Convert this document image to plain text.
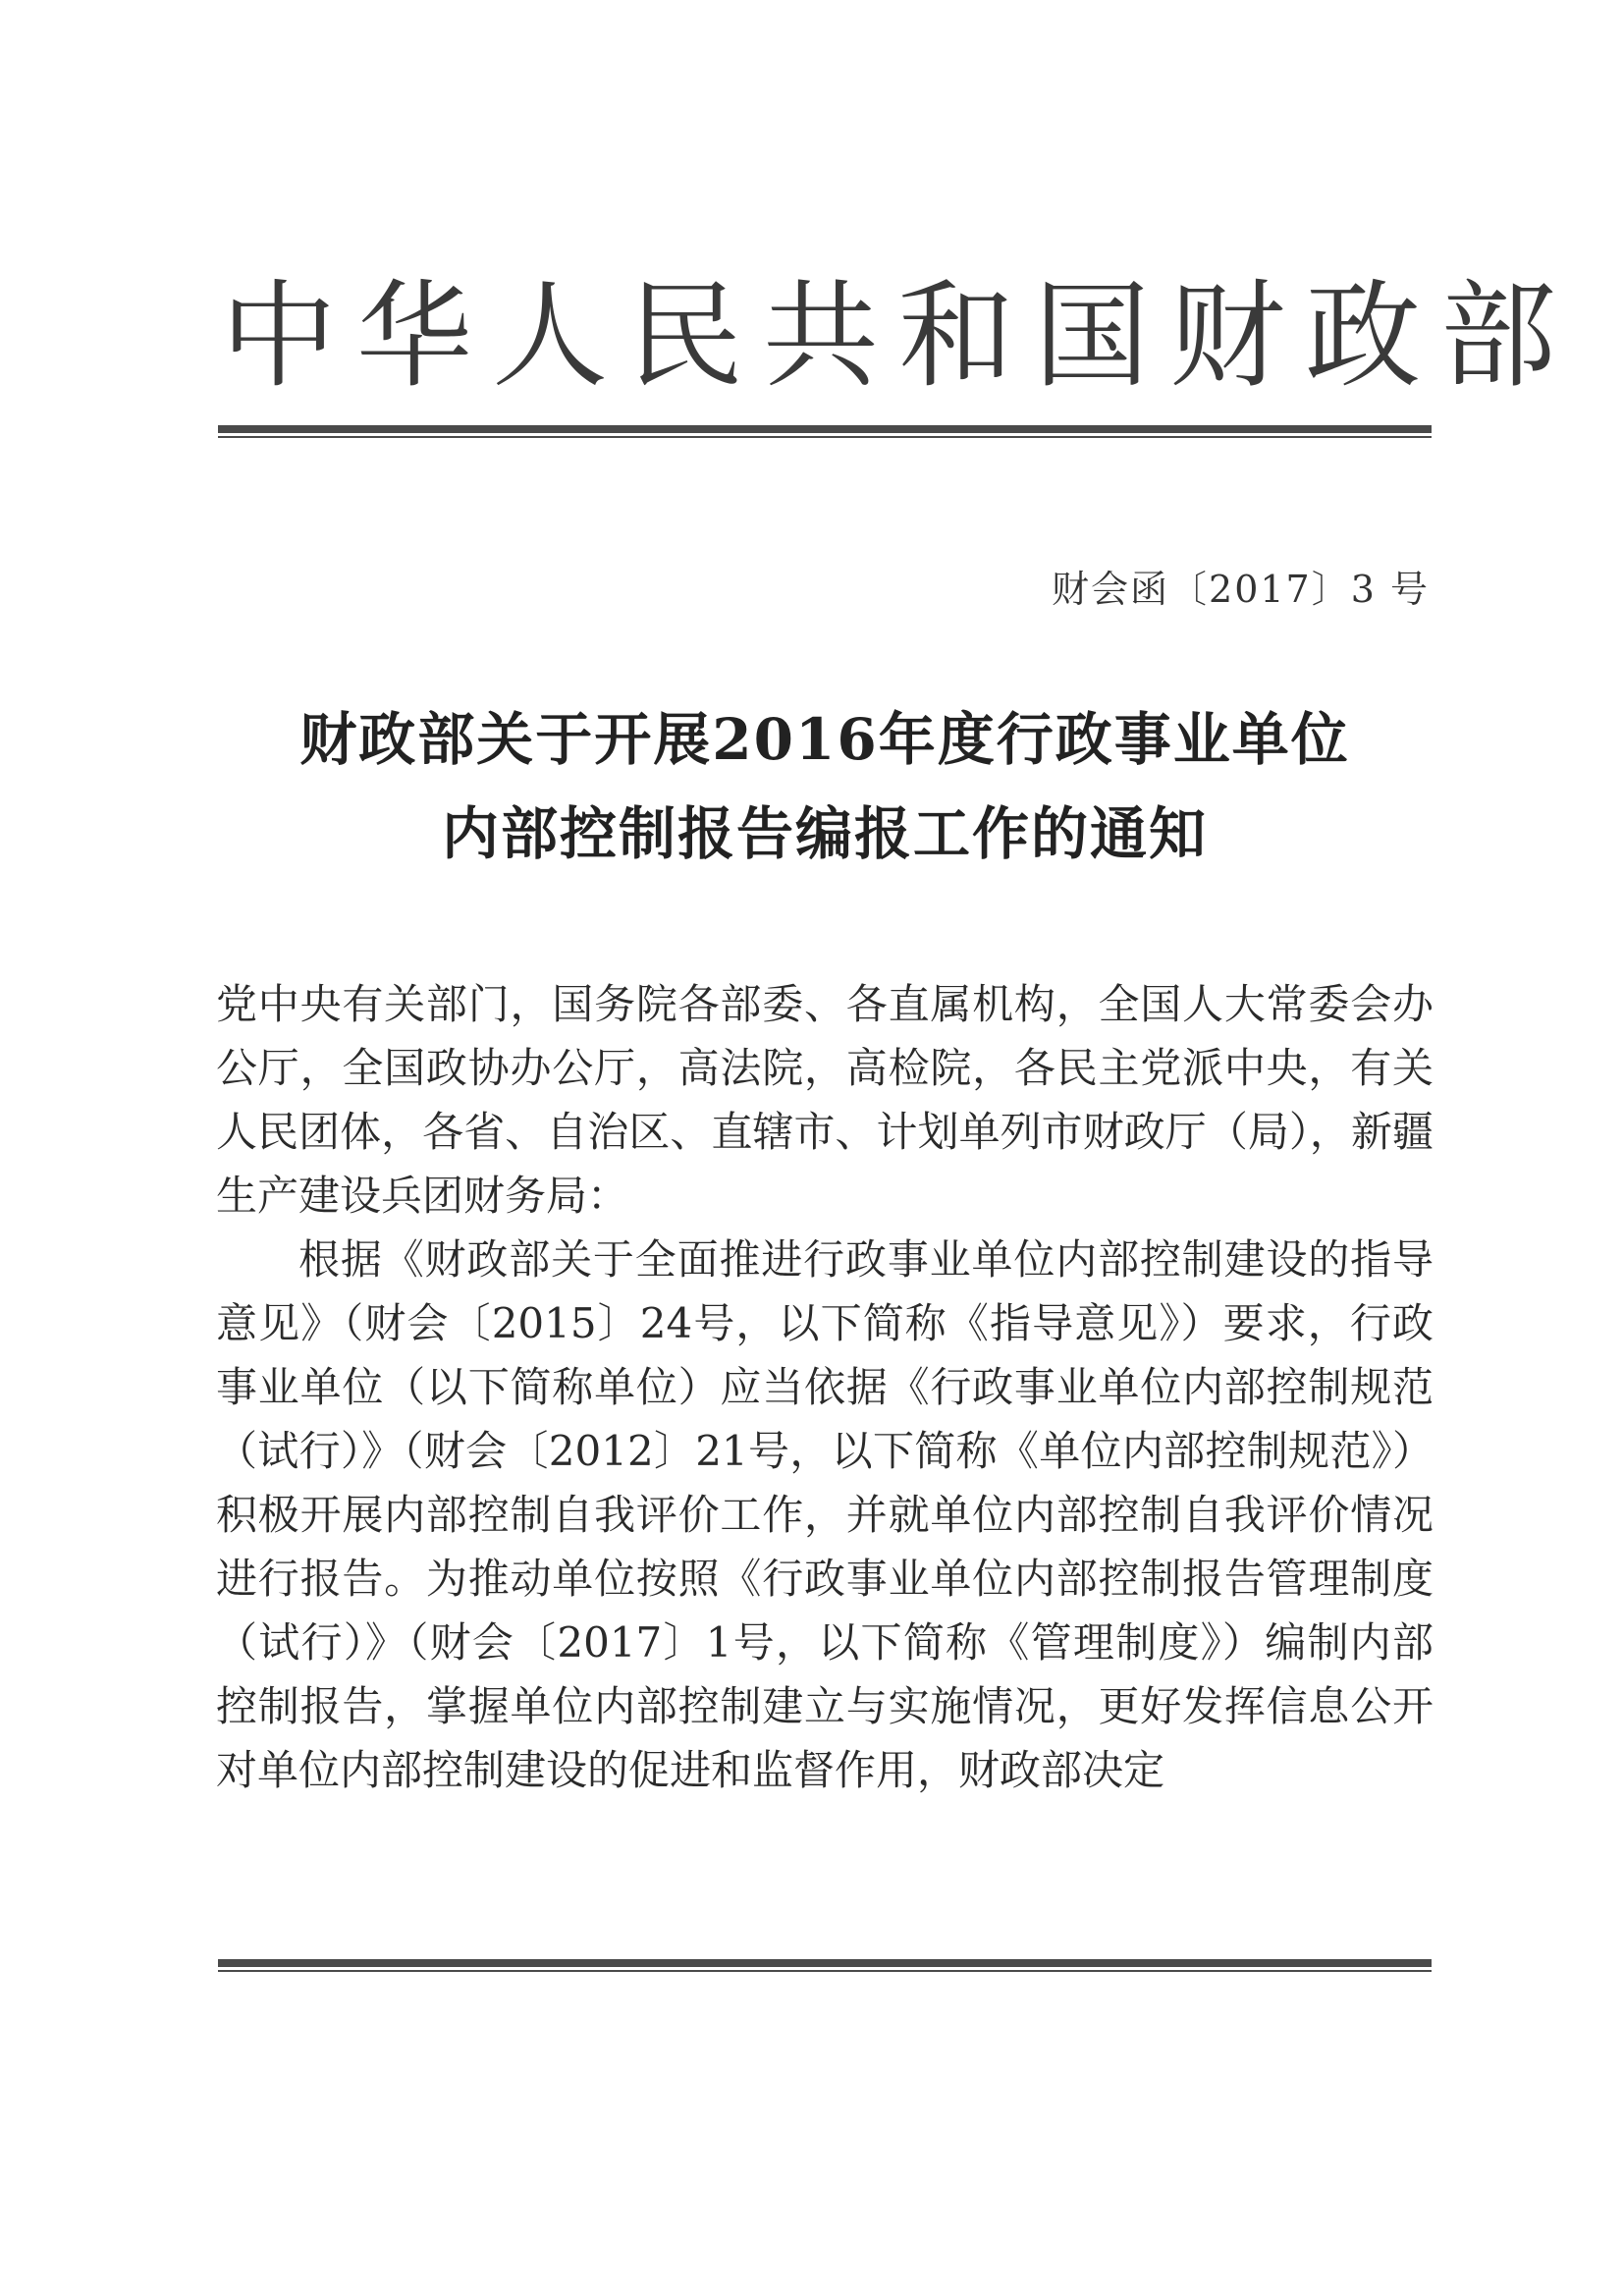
中华人民共和国财政部
财会函〔2017〕3 号
财政部关于开展2016年度行政事业单位
内部控制报告编报工作的通知

党中央有关部门，国务院各部委、各直属机构，全国人大常委会办公厅，全国政协办公厅，高法院，高检院，各民主党派中央，有关人民团体，各省、自治区、直辖市、计划单列市财政厅（局），新疆生产建设兵团财务局：

根据《财政部关于全面推进行政事业单位内部控制建设的指导意见》（财会〔2015〕24号，以下简称《指导意见》）要求，行政事业单位（以下简称单位）应当依据《行政事业单位内部控制规范（试行）》（财会〔2012〕21号，以下简称《单位内部控制规范》）积极开展内部控制自我评价工作，并就单位内部控制自我评价情况进行报告。为推动单位按照《行政事业单位内部控制报告管理制度（试行）》（财会〔2017〕1号，以下简称《管理制度》）编制内部控制报告，掌握单位内部控制建立与实施情况，更好发挥信息公开对单位内部控制建设的促进和监督作用，财政部决定
